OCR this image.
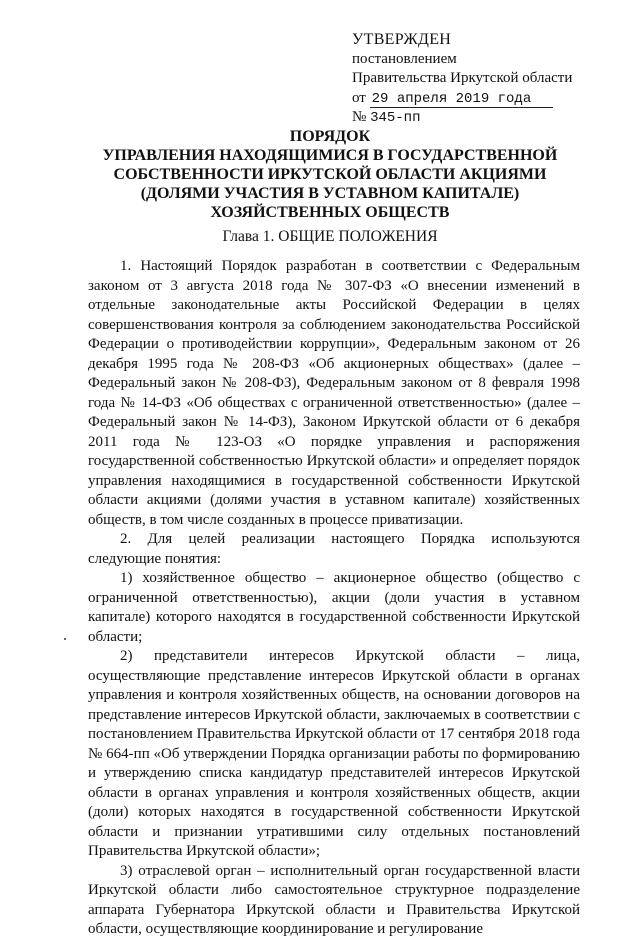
УТВЕРЖДЕН
постановлением
Правительства Иркутской области
от 29 апреля 2019 года
№ 345-пп
ПОРЯДОК
УПРАВЛЕНИЯ НАХОДЯЩИМИСЯ В ГОСУДАРСТВЕННОЙ
СОБСТВЕННОСТИ ИРКУТСКОЙ ОБЛАСТИ АКЦИЯМИ
(ДОЛЯМИ УЧАСТИЯ В УСТАВНОМ КАПИТАЛЕ)
ХОЗЯЙСТВЕННЫХ ОБЩЕСТВ
Глава 1. ОБЩИЕ ПОЛОЖЕНИЯ

1. Настоящий Порядок разработан в соответствии с Федеральным законом от 3 августа 2018 года № 307-ФЗ «О внесении изменений в отдельные законодательные акты Российской Федерации в целях совершенствования контроля за соблюдением законодательства Российской Федерации о противодействии коррупции», Федеральным законом от 26 декабря 1995 года № 208-ФЗ «Об акционерных обществах» (далее – Федеральный закон № 208-ФЗ), Федеральным законом от 8 февраля 1998 года № 14-ФЗ «Об обществах с ограниченной ответственностью» (далее – Федеральный закон № 14-ФЗ), Законом Иркутской области от 6 декабря 2011 года № 123-ОЗ «О порядке управления и распоряжения государственной собственностью Иркутской области» и определяет порядок управления находящимися в государственной собственности Иркутской области акциями (долями участия в уставном капитале) хозяйственных обществ, в том числе созданных в процессе приватизации.

2. Для целей реализации настоящего Порядка используются следующие понятия:

1) хозяйственное общество – акционерное общество (общество с ограниченной ответственностью), акции (доли участия в уставном капитале) которого находятся в государственной собственности Иркутской области;

2) представители интересов Иркутской области – лица, осуществляющие представление интересов Иркутской области в органах управления и контроля хозяйственных обществ, на основании договоров на представление интересов Иркутской области, заключаемых в соответствии с постановлением Правительства Иркутской области от 17 сентября 2018 года № 664-пп «Об утверждении Порядка организации работы по формированию и утверждению списка кандидатур представителей интересов Иркутской области в органах управления и контроля хозяйственных обществ, акции (доли) которых находятся в государственной собственности Иркутской области и признании утратившими силу отдельных постановлений Правительства Иркутской области»;

3) отраслевой орган – исполнительный орган государственной власти Иркутской области либо самостоятельное структурное подразделение аппарата Губернатора Иркутской области и Правительства Иркутской области, осуществляющие координирование и регулирование
